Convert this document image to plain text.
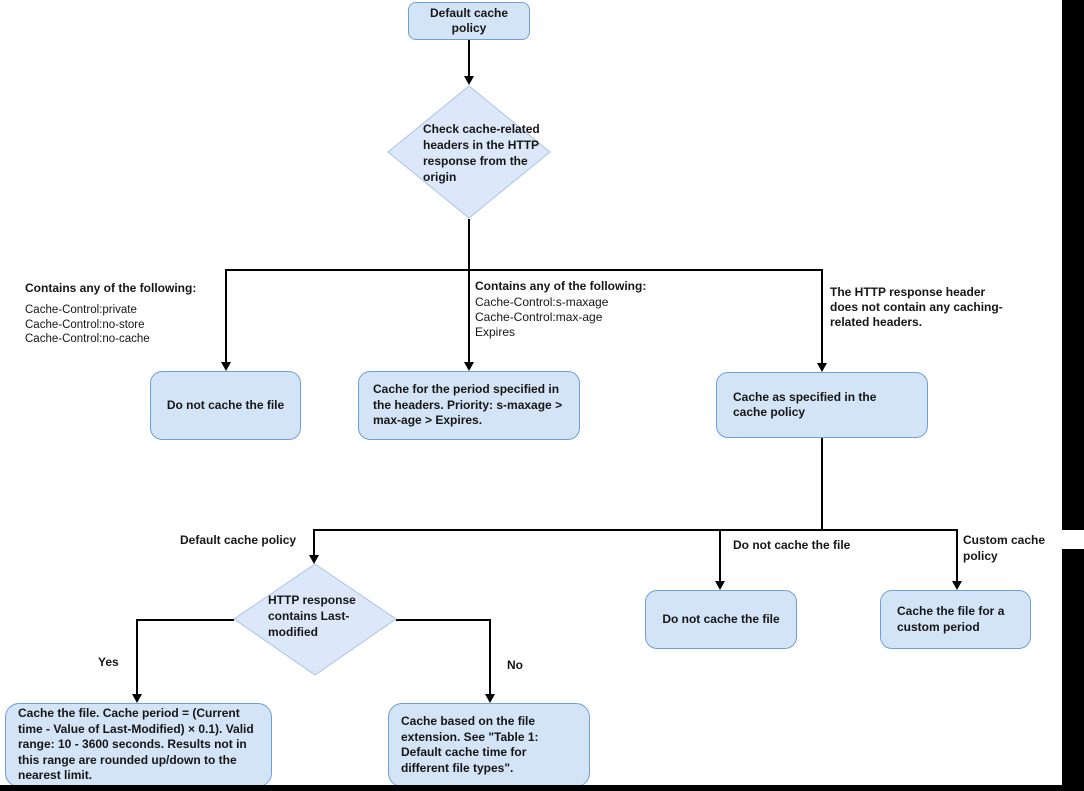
Default cache policy
Check cache-related headers in the HTTP response from the origin
Do not cache the file
Cache for the period specified in the headers. Priority: s-maxage > max-age > Expires.
Cache as specified in the cache policy
HTTP response contains Last-modified
Cache the file. Cache period = (Current time - Value of Last-Modified) × 0.1). Valid range: 10 - 3600 seconds. Results not in this range are rounded up/down to the nearest limit.
Cache based on the file extension. See "Table 1: Default cache time for different file types".
Do not cache the file
Cache the file for a custom period
Contains any of the following:
Cache-Control:private
Cache-Control:no-store
Cache-Control:no-cache
Contains any of the following:
Cache-Control:s-maxage
Cache-Control:max-age
Expires
The HTTP response header does not contain any caching-related headers.
Default cache policy	Do not cache the file	Custom cache policy
Yes	No
